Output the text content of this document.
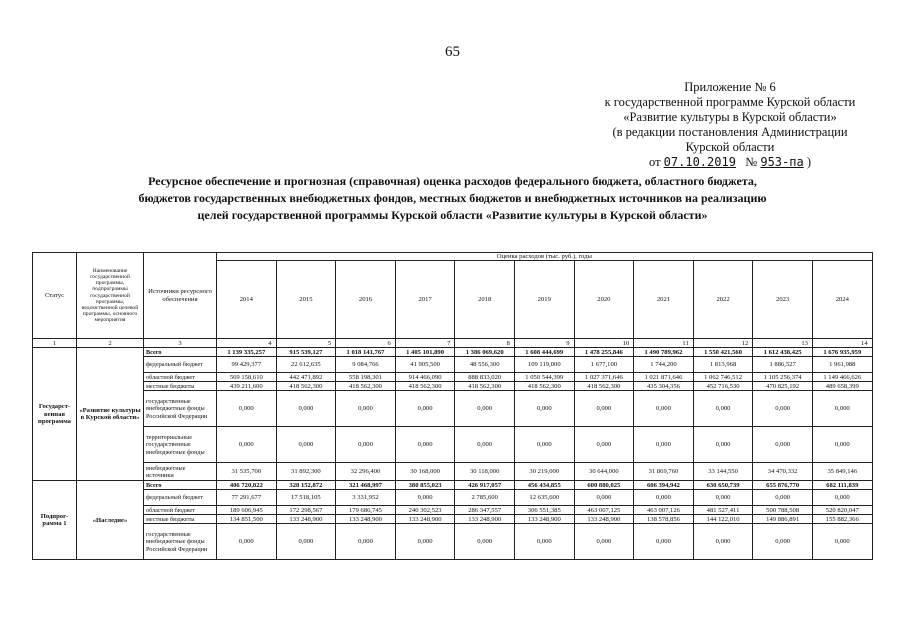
65
Приложение № 6
к государственной программе Курской области
«Развитие культуры в Курской области»
(в редакции постановления Администрации
Курской области
от 07.10.2019 № 953-па )
Ресурсное обеспечение и прогнозная (справочная) оценка расходов федерального бюджета, областного бюджета,
бюджетов государственных внебюджетных фондов, местных бюджетов и внебюджетных источников на реализацию
целей государственной программы Курской области «Развитие культуры в Курской области»
Статус	Наименование государственной программы, подпрограммы государственной программы, ведомственной целевой программы, основного мероприятия	Источники ресурсного обеспечения	Оценка расходов (тыс. руб.), годы										
			2014	2015	2016	2017	2018	2019	2020	2021	2022	2023	2024
1	2	3	4	5	6	7	8	9	10	11	12	13	14
Государст-венная программа	«Развитие культуры в Курской области»	Всего	1 139 335,257	915 539,127	1 018 141,767	1 405 101,890	1 386 069,620	1 608 444,699	1 478 255,846	1 490 789,962	1 550 421,560	1 612 438,425	1 676 935,959
		федеральный бюджет	99 429,377	22 612,635	9 084,766	41 905,500	48 556,300	109 119,000	1 677,100	1 744,200	1 813,968	1 886,527	1 961,988
		областной бюджет	569 158,610	442 471,892	558 198,301	914 466,090	888 833,020	1 050 544,399	1 027 371,646	1 021 871,646	1 062 746,512	1 105 256,374	1 149 466,626
		местные бюджеты	439 211,600	418 562,300	418 562,300	418 562,300	418 562,300	418 562,300	418 562,300	435 304,356	452 716,530	470 825,192	489 658,399
		государственные внебюджетные фонды Российской Федерации	0,000	0,000	0,000	0,000	0,000	0,000	0,000	0,000	0,000	0,000	0,000
		территориальные государственные внебюджетные фонды	0,000	0,000	0,000	0,000	0,000	0,000	0,000	0,000	0,000	0,000	0,000
		внебюджетные источники	31 535,700	31 892,300	32 296,400	30 168,000	30 118,000	30 219,000	30 644,000	31 869,760	33 144,550	34 470,332	35 849,146
Подпрог-рамма 1	«Наследие»	Всего	406 720,822	328 152,872	321 468,997	380 855,023	426 917,057	456 434,855	600 880,025	606 394,942	630 650,739	655 876,770	682 111,839
		федеральный бюджет	77 291,677	17 518,105	3 331,952	0,000	2 785,600	12 635,600	0,000	0,000	0,000	0,000	0,000
		областной бюджет	189 606,945	172 298,567	179 686,745	240 302,523	286 347,557	306 551,385	463 007,125	463 007,126	481 527,411	500 788,508	520 820,047
		местные бюджеты	134 851,500	133 248,900	133 248,900	133 248,900	133 248,900	133 248,900	133 248,900	138 578,856	144 122,010	149 886,891	155 882,366
		государственные внебюджетные фонды Российской Федерации	0,000	0,000	0,000	0,000	0,000	0,000	0,000	0,000	0,000	0,000	0,000
